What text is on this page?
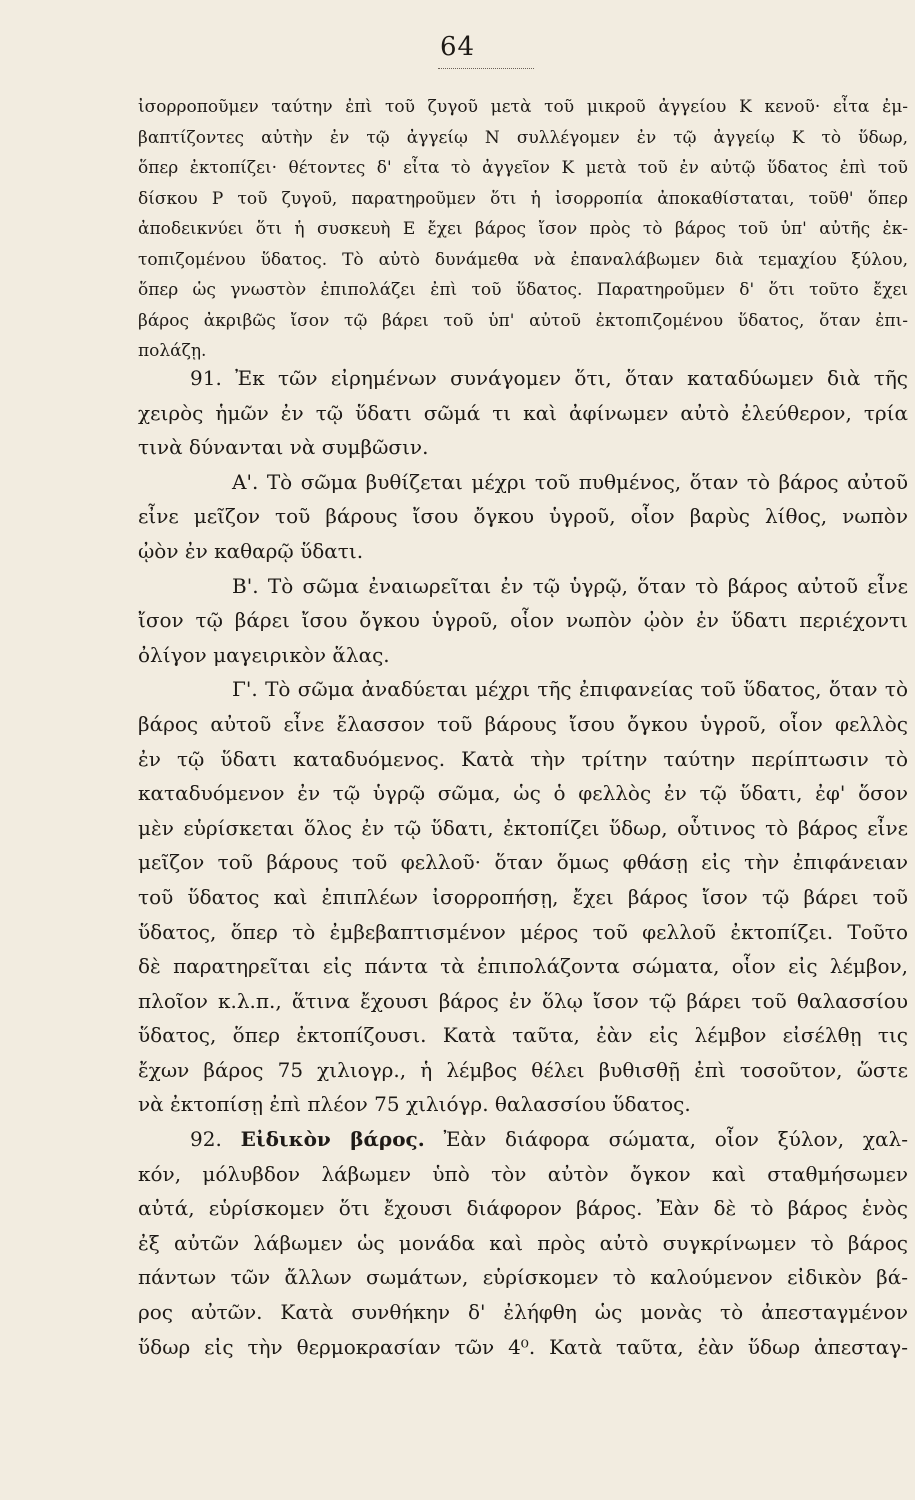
64
ἰσορροποῦμεν ταύτην ἐπὶ τοῦ ζυγοῦ μετὰ τοῦ μικροῦ ἀγγείου Κ κενοῦ· εἶτα ἐμ-
βαπτίζοντες αὐτὴν ἐν τῷ ἀγγείῳ Ν συλλέγομεν ἐν τῷ ἀγγείῳ Κ τὸ ὕδωρ,
ὅπερ ἐκτοπίζει· θέτοντες δ' εἶτα τὸ ἀγγεῖον Κ μετὰ τοῦ ἐν αὐτῷ ὕδατος ἐπὶ τοῦ
δίσκου Ρ τοῦ ζυγοῦ, παρατηροῦμεν ὅτι ἡ ἰσορροπία ἀποκαθίσταται, τοῦθ' ὅπερ
ἀποδεικνύει ὅτι ἡ συσκευὴ Ε ἔχει βάρος ἴσον πρὸς τὸ βάρος τοῦ ὑπ' αὐτῆς ἐκ-
τοπιζομένου ὕδατος. Τὸ αὐτὸ δυνάμεθα νὰ ἐπαναλάβωμεν διὰ τεμαχίου ξύλου,
ὅπερ ὡς γνωστὸν ἐπιπολάζει ἐπὶ τοῦ ὕδατος. Παρατηροῦμεν δ' ὅτι τοῦτο ἔχει
βάρος ἀκριβῶς ἴσον τῷ βάρει τοῦ ὑπ' αὐτοῦ ἐκτοπιζομένου ὕδατος, ὅταν ἐπι-
πολάζῃ.
91. Ἐκ τῶν εἰρημένων συνάγομεν ὅτι, ὅταν καταδύωμεν διὰ τῆς
χειρὸς ἡμῶν ἐν τῷ ὕδατι σῶμά τι καὶ ἀφίνωμεν αὐτὸ ἐλεύθερον, τρία
τινὰ δύνανται νὰ συμβῶσιν.
Α'. Τὸ σῶμα βυθίζεται μέχρι τοῦ πυθμένος, ὅταν τὸ βάρος αὐτοῦ
εἶνε μεῖζον τοῦ βάρους ἴσου ὄγκου ὑγροῦ, οἷον βαρὺς λίθος, νωπὸν
ᾠὸν ἐν καθαρῷ ὕδατι.
Β'. Τὸ σῶμα ἐναιωρεῖται ἐν τῷ ὑγρῷ, ὅταν τὸ βάρος αὐτοῦ εἶνε
ἴσον τῷ βάρει ἴσου ὄγκου ὑγροῦ, οἷον νωπὸν ᾠὸν ἐν ὕδατι περιέχοντι
ὀλίγον μαγειρικὸν ἅλας.
Γ'. Τὸ σῶμα ἀναδύεται μέχρι τῆς ἐπιφανείας τοῦ ὕδατος, ὅταν τὸ
βάρος αὐτοῦ εἶνε ἔλασσον τοῦ βάρους ἴσου ὄγκου ὑγροῦ, οἷον φελλὸς
ἐν τῷ ὕδατι καταδυόμενος. Κατὰ τὴν τρίτην ταύτην περίπτωσιν τὸ
καταδυόμενον ἐν τῷ ὑγρῷ σῶμα, ὡς ὁ φελλὸς ἐν τῷ ὕδατι, ἐφ' ὅσον
μὲν εὑρίσκεται ὅλος ἐν τῷ ὕδατι, ἐκτοπίζει ὕδωρ, οὗτινος τὸ βάρος εἶνε
μεῖζον τοῦ βάρους τοῦ φελλοῦ· ὅταν ὅμως φθάσῃ εἰς τὴν ἐπιφάνειαν
τοῦ ὕδατος καὶ ἐπιπλέων ἰσορροπήσῃ, ἔχει βάρος ἴσον τῷ βάρει τοῦ
ὕδατος, ὅπερ τὸ ἐμβεβαπτισμένον μέρος τοῦ φελλοῦ ἐκτοπίζει. Τοῦτο
δὲ παρατηρεῖται εἰς πάντα τὰ ἐπιπολάζοντα σώματα, οἷον εἰς λέμβον,
πλοῖον κ.λ.π., ἅτινα ἔχουσι βάρος ἐν ὅλῳ ἴσον τῷ βάρει τοῦ θαλασσίου
ὕδατος, ὅπερ ἐκτοπίζουσι. Κατὰ ταῦτα, ἐὰν εἰς λέμβον εἰσέλθῃ τις
ἔχων βάρος 75 χιλιογρ., ἡ λέμβος θέλει βυθισθῇ ἐπὶ τοσοῦτον, ὥστε
νὰ ἐκτοπίσῃ ἐπὶ πλέον 75 χιλιόγρ. θαλασσίου ὕδατος.
92. Εἰδικὸν βάρος. Ἐὰν διάφορα σώματα, οἷον ξύλον, χαλ-
κόν, μόλυβδον λάβωμεν ὑπὸ τὸν αὐτὸν ὄγκον καὶ σταθμήσωμεν
αὐτά, εὑρίσκομεν ὅτι ἔχουσι διάφορον βάρος. Ἐὰν δὲ τὸ βάρος ἑνὸς
ἐξ αὐτῶν λάβωμεν ὡς μονάδα καὶ πρὸς αὐτὸ συγκρίνωμεν τὸ βάρος
πάντων τῶν ἄλλων σωμάτων, εὑρίσκομεν τὸ καλούμενον εἰδικὸν βά-
ρος αὐτῶν. Κατὰ συνθήκην δ' ἐλήφθη ὡς μονὰς τὸ ἀπεσταγμένον
ὕδωρ εἰς τὴν θερμοκρασίαν τῶν 4⁰. Κατὰ ταῦτα, ἐὰν ὕδωρ ἀπεσταγ-
